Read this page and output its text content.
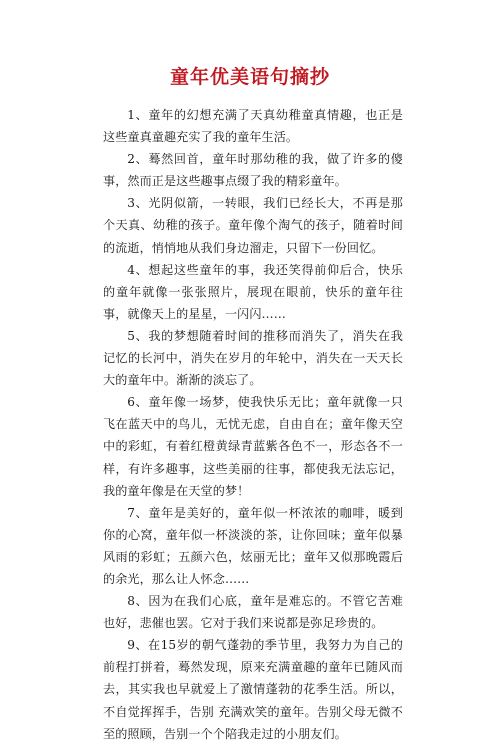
童年优美语句摘抄

1、童年的幻想充满了天真幼稚童真情趣，也正是这些童真童趣充实了我的童年生活。

2、蓦然回首，童年时那幼稚的我，做了许多的傻事，然而正是这些趣事点缀了我的精彩童年。

3、光阴似箭，一转眼，我们已经长大，不再是那个天真、幼稚的孩子。童年像个淘气的孩子，随着时间的流逝，悄悄地从我们身边溜走，只留下一份回忆。

4、想起这些童年的事，我还笑得前仰后合，快乐的童年就像一张张照片，展现在眼前，快乐的童年往事，就像天上的星星，一闪闪……

5、我的梦想随着时间的推移而消失了，消失在我记忆的长河中，消失在岁月的年轮中，消失在一天天长大的童年中。渐渐的淡忘了。

6、童年像一场梦，使我快乐无比；童年就像一只飞在蓝天中的鸟儿，无忧无虑，自由自在；童年像天空中的彩虹，有着红橙黄绿青蓝紫各色不一，形态各不一样，有许多趣事，这些美丽的往事，都使我无法忘记，我的童年像是在天堂的梦！

7、童年是美好的，童年似一杯浓浓的咖啡，暖到你的心窝，童年似一杯淡淡的茶，让你回味；童年似暴风雨的彩虹；五颜六色，炫丽无比；童年又似那晚霞后的余光，那么让人怀念……

8、因为在我们心底，童年是难忘的。不管它苦难也好，悲催也罢。它对于我们来说都是弥足珍贵的。

9、在15岁的朝气蓬勃的季节里，我努力为自己的前程打拼着，蓦然发现，原来充满童趣的童年已随风而去，其实我也早就爱上了激情蓬勃的花季生活。所以，不自觉挥挥手，告别 充满欢笑的童年。告别父母无微不至的照顾，告别一个个陪我走过的小朋友们。
